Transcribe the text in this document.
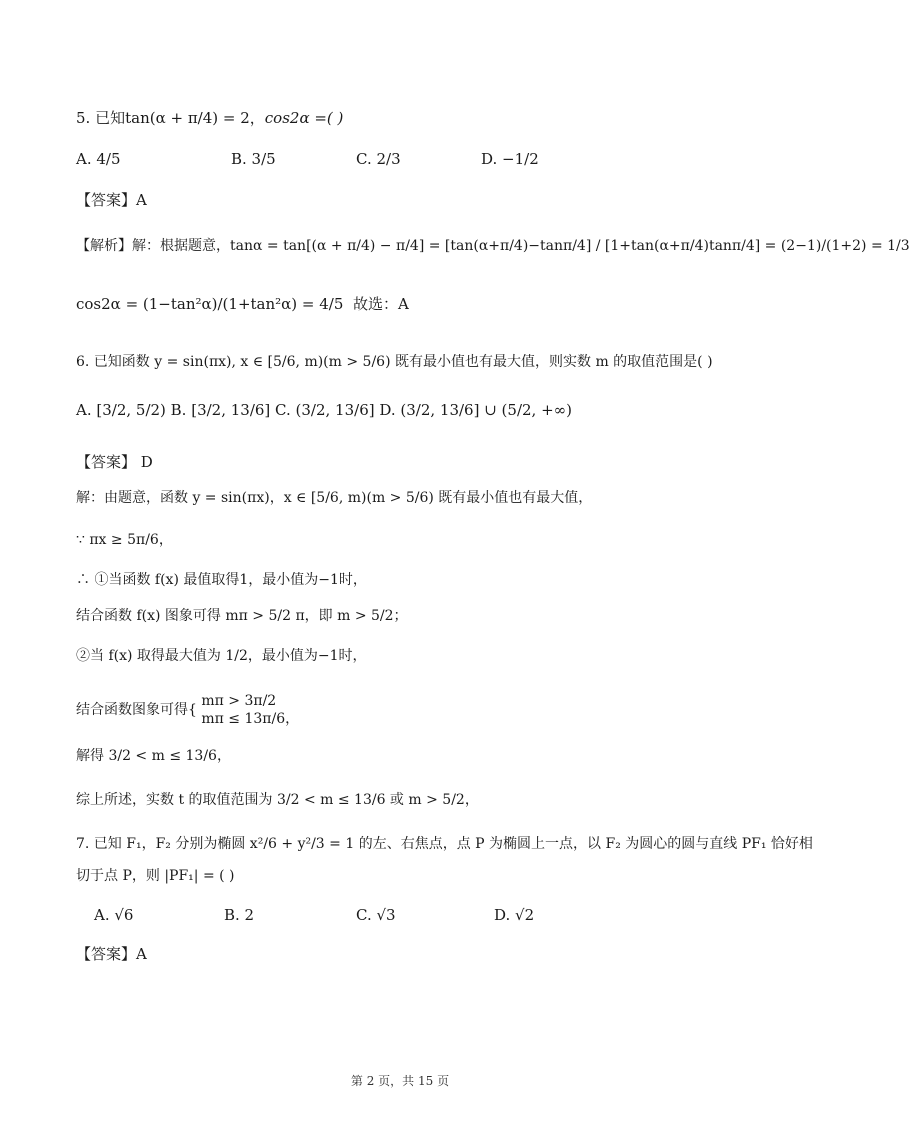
5. 已知tan(α + π/4) = 2，cos2α =( )
A. 4/5	B. 3/5	C. 2/3	D. −1/2
【答案】A
【解析】解：根据题意，tanα = tan[(α + π/4) − π/4] = [tan(α+π/4)−tanπ/4] / [1+tan(α+π/4)tanπ/4] = (2−1)/(1+2) = 1/3
cos2α = (1−tan²α)/(1+tan²α) = 4/5 故选：A
6. 已知函数 y = sin(πx), x ∈ [5/6, m)(m > 5/6) 既有最小值也有最大值，则实数 m 的取值范围是( )
A. [3/2, 5/2) B. [3/2, 13/6] C. (3/2, 13/6] D. (3/2, 13/6] ∪ (5/2, +∞)
【答案】 D
解：由题意，函数 y = sin(πx)，x ∈ [5/6, m)(m > 5/6) 既有最小值也有最大值，
∵ πx ≥ 5π/6，
∴ ①当函数 f(x) 最值取得1，最小值为−1时，
结合函数 f(x) 图象可得 mπ > 5/2 π，即 m > 5/2；
②当 f(x) 取得最大值为 1/2，最小值为−1时，
结合函数图象可得{
mπ > 3π/2
mπ ≤ 13π/6，
解得 3/2 < m ≤ 13/6，
综上所述，实数 t 的取值范围为 3/2 < m ≤ 13/6 或 m > 5/2，
7. 已知 F₁，F₂ 分别为椭圆 x²/6 + y²/3 = 1 的左、右焦点，点 P 为椭圆上一点，以 F₂ 为圆心的圆与直线 PF₁ 恰好相
切于点 P，则 |PF₁| = ( )
A. √6	B. 2	C. √3	D. √2
【答案】A
第 2 页，共 15 页
